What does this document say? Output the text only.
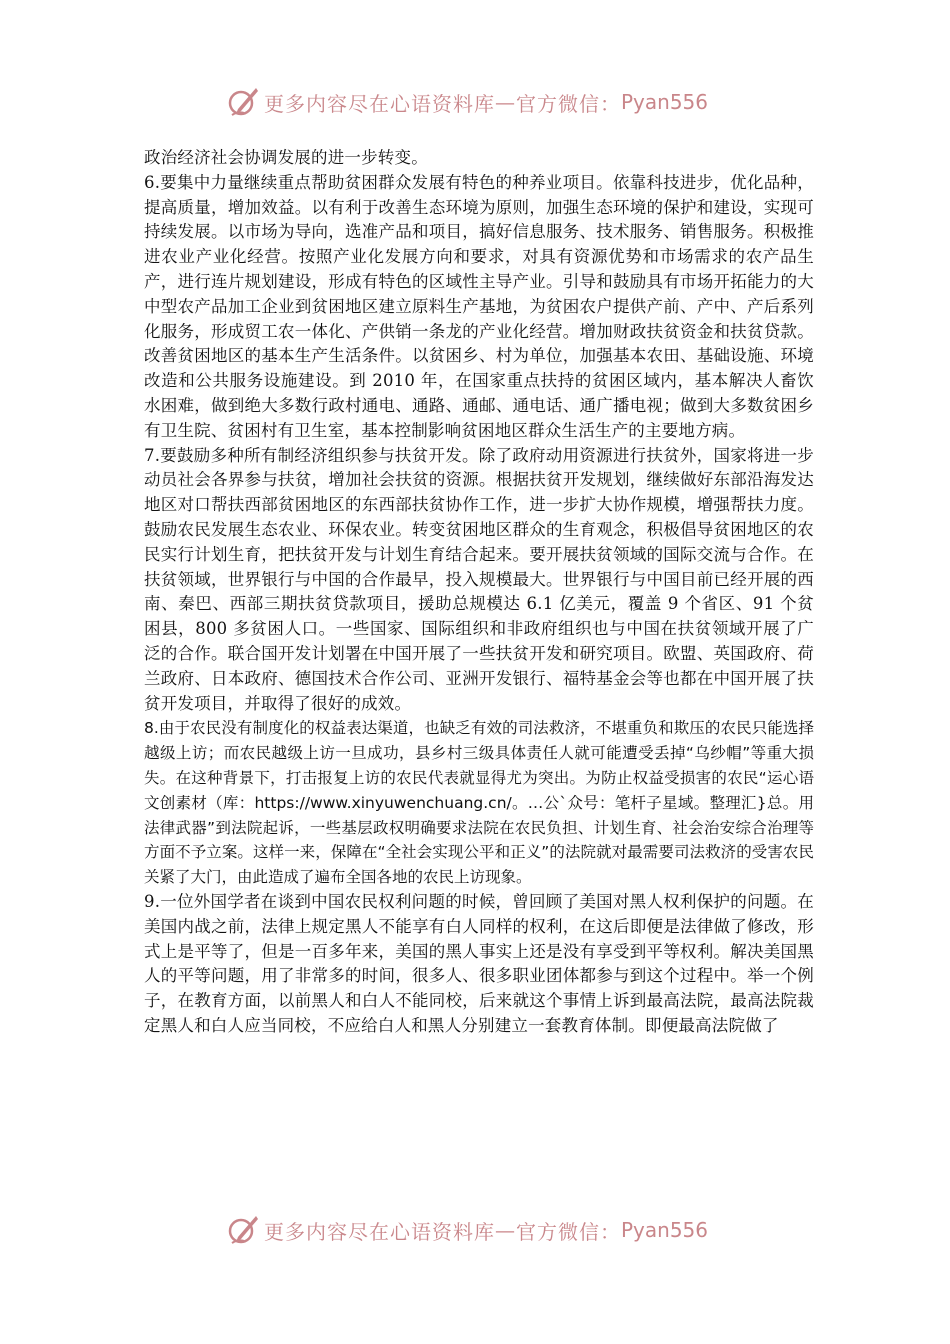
更多内容尽在心语资料库 — 官方微信： Pyan556

政治经济社会协调发展的进一步转变。

6.要集中力量继续重点帮助贫困群众发展有特色的种养业项目。依靠科技进步，优化品种，提高质量，增加效益。以有利于改善生态环境为原则，加强生态环境的保护和建设，实现可持续发展。以市场为导向，选准产品和项目，搞好信息服务、技术服务、销售服务。积极推进农业产业化经营。按照产业化发展方向和要求，对具有资源优势和市场需求的农产品生产，进行连片规划建设，形成有特色的区域性主导产业。引导和鼓励具有市场开拓能力的大中型农产品加工企业到贫困地区建立原料生产基地，为贫困农户提供产前、产中、产后系列化服务，形成贸工农一体化、产供销一条龙的产业化经营。增加财政扶贫资金和扶贫贷款。改善贫困地区的基本生产生活条件。以贫困乡、村为单位，加强基本农田、基础设施、环境改造和公共服务设施建设。到 2010 年，在国家重点扶持的贫困区域内，基本解决人畜饮水困难，做到绝大多数行政村通电、通路、通邮、通电话、通广播电视；做到大多数贫困乡有卫生院、贫困村有卫生室，基本控制影响贫困地区群众生活生产的主要地方病。

7.要鼓励多种所有制经济组织参与扶贫开发。除了政府动用资源进行扶贫外，国家将进一步动员社会各界参与扶贫，增加社会扶贫的资源。根据扶贫开发规划，继续做好东部沿海发达地区对口帮扶西部贫困地区的东西部扶贫协作工作，进一步扩大协作规模，增强帮扶力度。鼓励农民发展生态农业、环保农业。转变贫困地区群众的生育观念，积极倡导贫困地区的农民实行计划生育，把扶贫开发与计划生育结合起来。要开展扶贫领域的国际交流与合作。在扶贫领域，世界银行与中国的合作最早，投入规模最大。世界银行与中国目前已经开展的西南、秦巴、西部三期扶贫贷款项目，援助总规模达 6.1 亿美元，覆盖 9 个省区、91 个贫困县，800 多贫困人口。一些国家、国际组织和非政府组织也与中国在扶贫领域开展了广泛的合作。联合国开发计划署在中国开展了一些扶贫开发和研究项目。欧盟、英国政府、荷兰政府、日本政府、德国技术合作公司、亚洲开发银行、福特基金会等也都在中国开展了扶贫开发项目，并取得了很好的成效。

8.由于农民没有制度化的权益表达渠道，也缺乏有效的司法救济，不堪重负和欺压的农民只能选择越级上访；而农民越级上访一旦成功，县乡村三级具体责任人就可能遭受丢掉“乌纱帽”等重大损失。在这种背景下，打击报复上访的农民代表就显得尤为突出。为防止权益受损害的农民“运心语文创素材（库：https://www.xinyuwenchuang.cn/。…公`众号：笔杆子星域。整理汇}总。用法律武器”到法院起诉，一些基层政权明确要求法院在农民负担、计划生育、社会治安综合治理等方面不予立案。这样一来，保障在“全社会实现公平和正义”的法院就对最需要司法救济的受害农民关紧了大门，由此造成了遍布全国各地的农民上访现象。

9.一位外国学者在谈到中国农民权利问题的时候，曾回顾了美国对黑人权利保护的问题。在美国内战之前，法律上规定黑人不能享有白人同样的权利，在这后即便是法律做了修改，形式上是平等了，但是一百多年来，美国的黑人事实上还是没有享受到平等权利。解决美国黑人的平等问题，用了非常多的时间，很多人、很多职业团体都参与到这个过程中。举一个例子，在教育方面，以前黑人和白人不能同校，后来就这个事情上诉到最高法院，最高法院裁定黑人和白人应当同校，不应给白人和黑人分别建立一套教育体制。即便最高法院做了

更多内容尽在心语资料库 — 官方微信： Pyan556
